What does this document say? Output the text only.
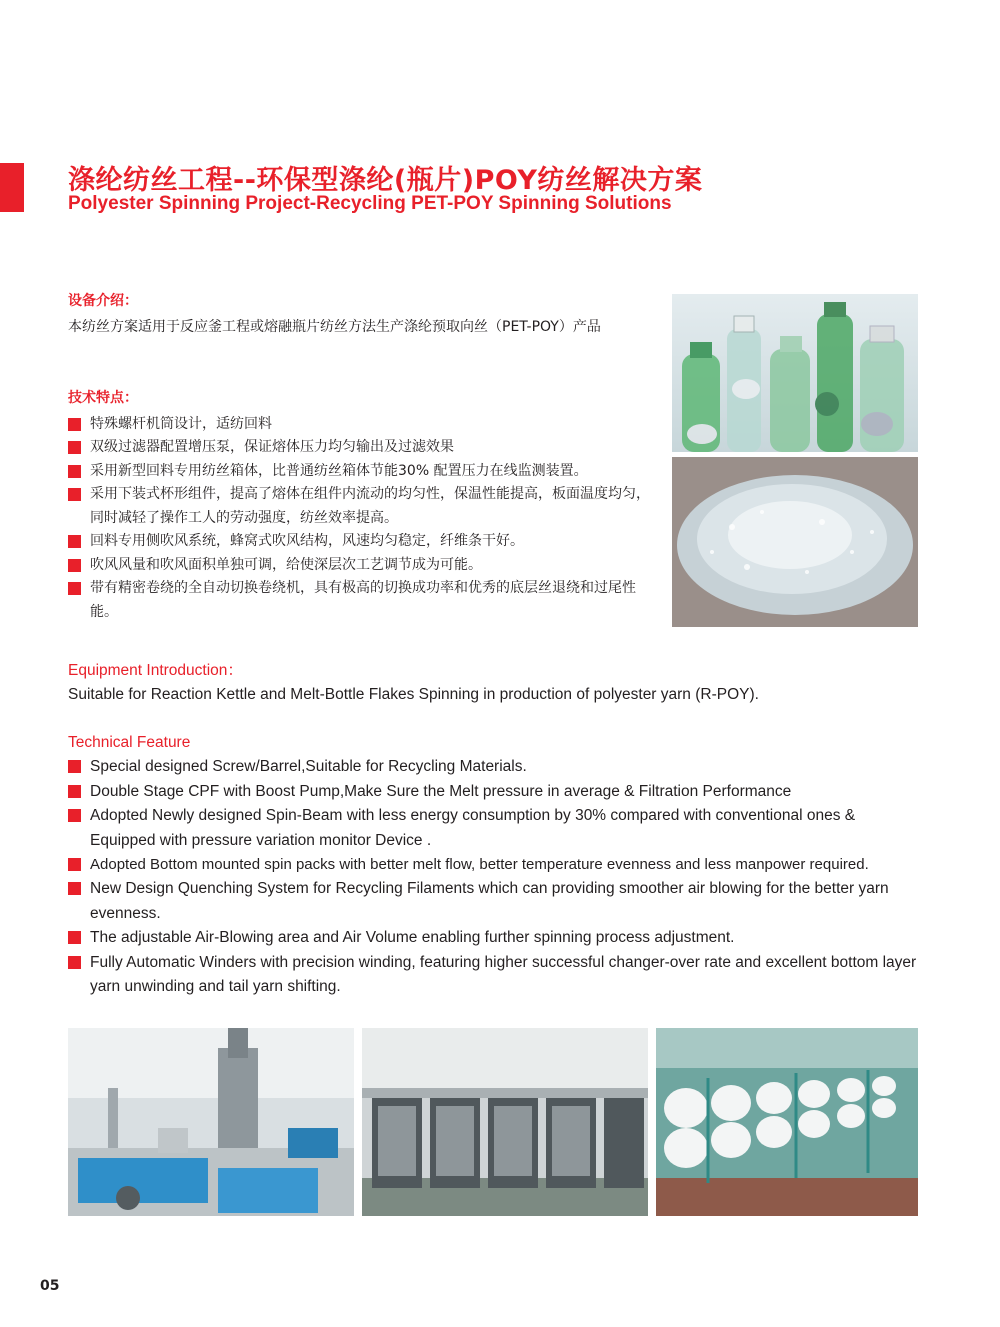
涤纶纺丝工程--环保型涤纶(瓶片)POY纺丝解决方案
Polyester Spinning Project-Recycling PET-POY Spinning Solutions

设备介绍：

本纺丝方案适用于反应釜工程或熔融瓶片纺丝方法生产涤纶预取向丝（PET-POY）产品

技术特点：

特殊螺杆机筒设计，适纺回料
双级过滤器配置增压泵，保证熔体压力均匀输出及过滤效果
采用新型回料专用纺丝箱体，比普通纺丝箱体节能30% 配置压力在线监测装置。
采用下装式杯形组件，提高了熔体在组件内流动的均匀性，保温性能提高，板面温度均匀，同时减轻了操作工人的劳动强度，纺丝效率提高。
回料专用侧吹风系统，蜂窝式吹风结构，风速均匀稳定，纤维条干好。
吹风风量和吹风面积单独可调，给使深层次工艺调节成为可能。
带有精密卷绕的全自动切换卷绕机，具有极高的切换成功率和优秀的底层丝退绕和过尾性能。

Equipment Introduction：

Suitable for Reaction Kettle and Melt-Bottle Flakes Spinning in production of polyester yarn (R-POY).

Technical Feature

Special designed Screw/Barrel,Suitable for Recycling Materials.
Double Stage CPF with Boost Pump,Make Sure the Melt pressure in average & Filtration Performance
Adopted Newly designed Spin-Beam with less energy consumption by 30% compared with conventional ones & Equipped with pressure variation monitor Device .
Adopted Bottom mounted spin packs with better melt flow, better temperature evenness and less manpower required.
New Design Quenching System for Recycling Filaments which can providing smoother air blowing for the better yarn evenness.
The adjustable Air-Blowing area and Air Volume enabling further spinning process adjustment.
Fully Automatic Winders with precision winding, featuring higher successful changer-over rate and excellent bottom layer yarn unwinding and tail yarn shifting.
05
